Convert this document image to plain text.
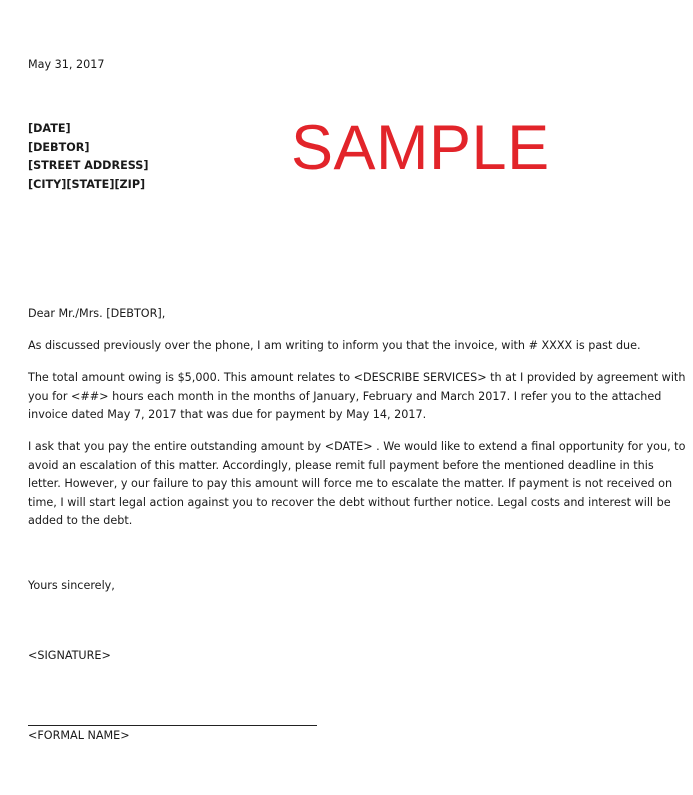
May 31, 2017
[DATE]
[DEBTOR]
[STREET ADDRESS]
[CITY][STATE][ZIP]
SAMPLE
Dear Mr./Mrs. [DEBTOR],
As discussed previously over the phone, I am writing to inform you that the invoice, with # XXXX is past due.
The total amount owing is $5,000. This amount relates to <DESCRIBE SERVICES> th at I provided by agreement with
you for <##> hours each month in the months of January, February and March 2017. I refer you to the attached
invoice dated May 7, 2017 that was due for payment by May 14, 2017.
I ask that you pay the entire outstanding amount by <DATE> . We would like to extend a final opportunity for you, to
avoid an escalation of this matter. Accordingly, please remit full payment before the mentioned deadline in this
letter. However, y our failure to pay this amount will force me to escalate the matter. If payment is not received on
time, I will start legal action against you to recover the debt without further notice. Legal costs and interest will be
added to the debt.
Yours sincerely,
<SIGNATURE>
<FORMAL NAME>
